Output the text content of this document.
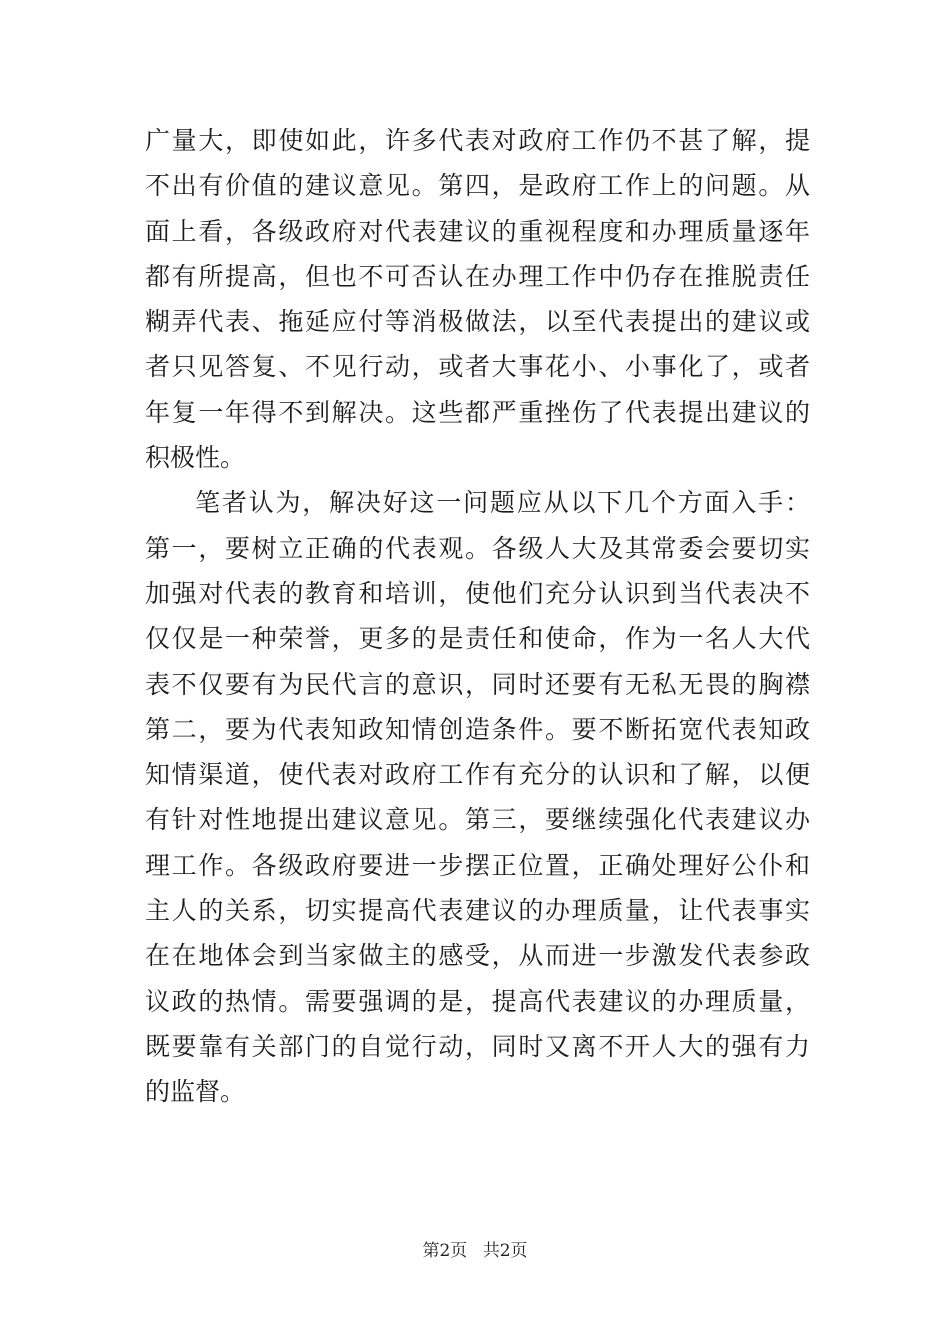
广量大，即使如此，许多代表对政府工作仍不甚了解，提
不出有价值的建议意见。第四，是政府工作上的问题。从
面上看，各级政府对代表建议的重视程度和办理质量逐年
都有所提高，但也不可否认在办理工作中仍存在推脱责任
糊弄代表、拖延应付等消极做法，以至代表提出的建议或
者只见答复、不见行动，或者大事花小、小事化了，或者
年复一年得不到解决。这些都严重挫伤了代表提出建议的
积极性。
笔者认为，解决好这一问题应从以下几个方面入手：
第一，要树立正确的代表观。各级人大及其常委会要切实
加强对代表的教育和培训，使他们充分认识到当代表决不
仅仅是一种荣誉，更多的是责任和使命，作为一名人大代
表不仅要有为民代言的意识，同时还要有无私无畏的胸襟
第二，要为代表知政知情创造条件。要不断拓宽代表知政
知情渠道，使代表对政府工作有充分的认识和了解，以便
有针对性地提出建议意见。第三，要继续强化代表建议办
理工作。各级政府要进一步摆正位置，正确处理好公仆和
主人的关系，切实提高代表建议的办理质量，让代表事实
在在地体会到当家做主的感受，从而进一步激发代表参政
议政的热情。需要强调的是，提高代表建议的办理质量，
既要靠有关部门的自觉行动，同时又离不开人大的强有力
的监督。
第2页 共2页
